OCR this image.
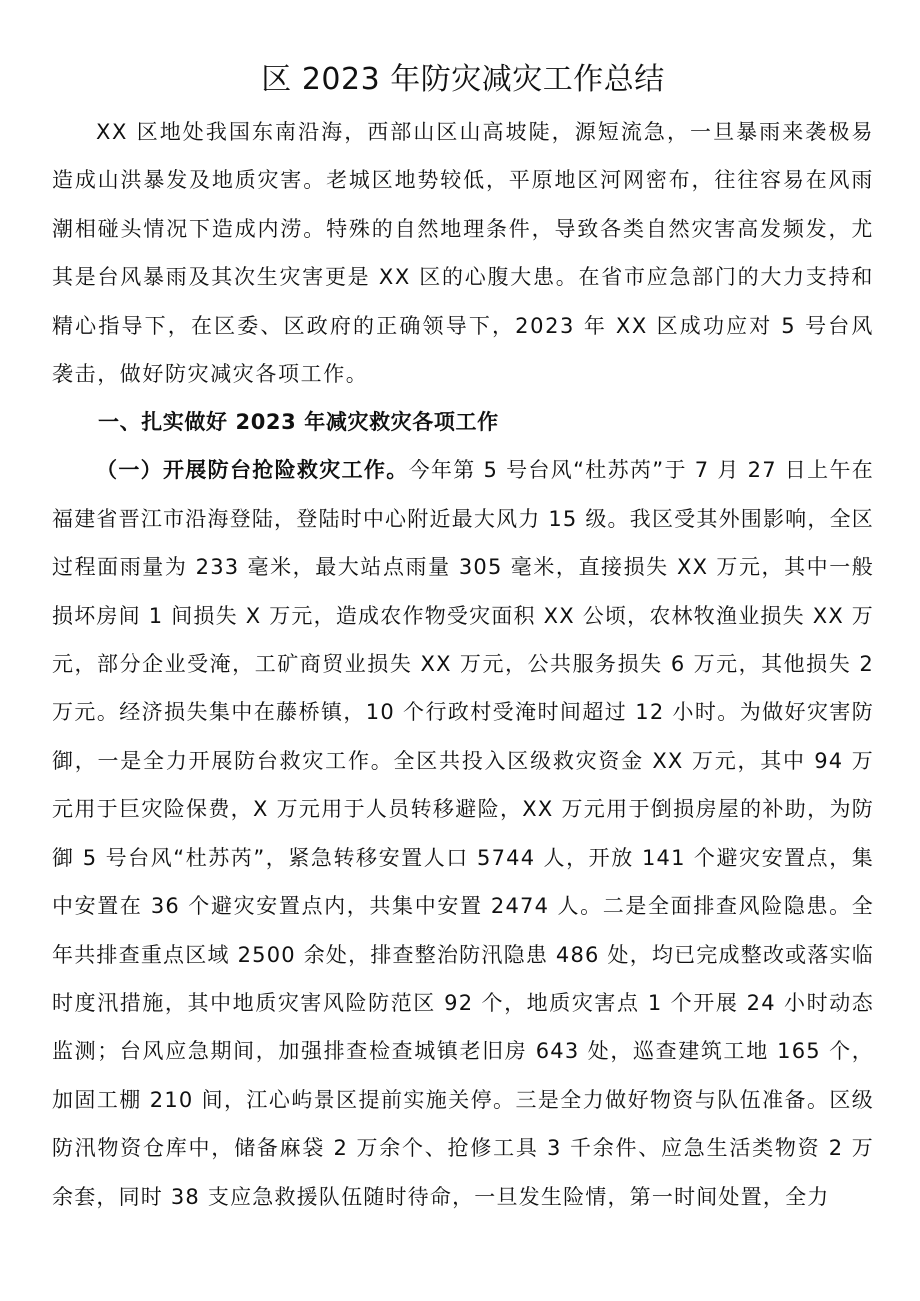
区 2023 年防灾减灾工作总结

XX 区地处我国东南沿海，西部山区山高坡陡，源短流急，一旦暴雨来袭极易造成山洪暴发及地质灾害。老城区地势较低，平原地区河网密布，往往容易在风雨潮相碰头情况下造成内涝。特殊的自然地理条件，导致各类自然灾害高发频发，尤其是台风暴雨及其次生灾害更是 XX 区的心腹大患。在省市应急部门的大力支持和精心指导下，在区委、区政府的正确领导下，2023 年 XX 区成功应对 5 号台风袭击，做好防灾减灾各项工作。

一、扎实做好 2023 年减灾救灾各项工作

（一）开展防台抢险救灾工作。今年第 5 号台风“杜苏芮”于 7 月 27 日上午在福建省晋江市沿海登陆，登陆时中心附近最大风力 15 级。我区受其外围影响，全区过程面雨量为 233 毫米，最大站点雨量 305 毫米，直接损失 XX 万元，其中一般损坏房间 1 间损失 X 万元，造成农作物受灾面积 XX 公顷，农林牧渔业损失 XX 万元，部分企业受淹，工矿商贸业损失 XX 万元，公共服务损失 6 万元，其他损失 2 万元。经济损失集中在藤桥镇，10 个行政村受淹时间超过 12 小时。为做好灾害防御，一是全力开展防台救灾工作。全区共投入区级救灾资金 XX 万元，其中 94 万元用于巨灾险保费，X 万元用于人员转移避险，XX 万元用于倒损房屋的补助，为防御 5 号台风“杜苏芮”，紧急转移安置人口 5744 人，开放 141 个避灾安置点，集中安置在 36 个避灾安置点内，共集中安置 2474 人。二是全面排查风险隐患。全年共排查重点区域 2500 余处，排查整治防汛隐患 486 处，均已完成整改或落实临时度汛措施，其中地质灾害风险防范区 92 个，地质灾害点 1 个开展 24 小时动态监测；台风应急期间，加强排查检查城镇老旧房 643 处，巡查建筑工地 165 个，加固工棚 210 间，江心屿景区提前实施关停。三是全力做好物资与队伍准备。区级防汛物资仓库中，储备麻袋 2 万余个、抢修工具 3 千余件、应急生活类物资 2 万余套，同时 38 支应急救援队伍随时待命，一旦发生险情，第一时间处置，全力
